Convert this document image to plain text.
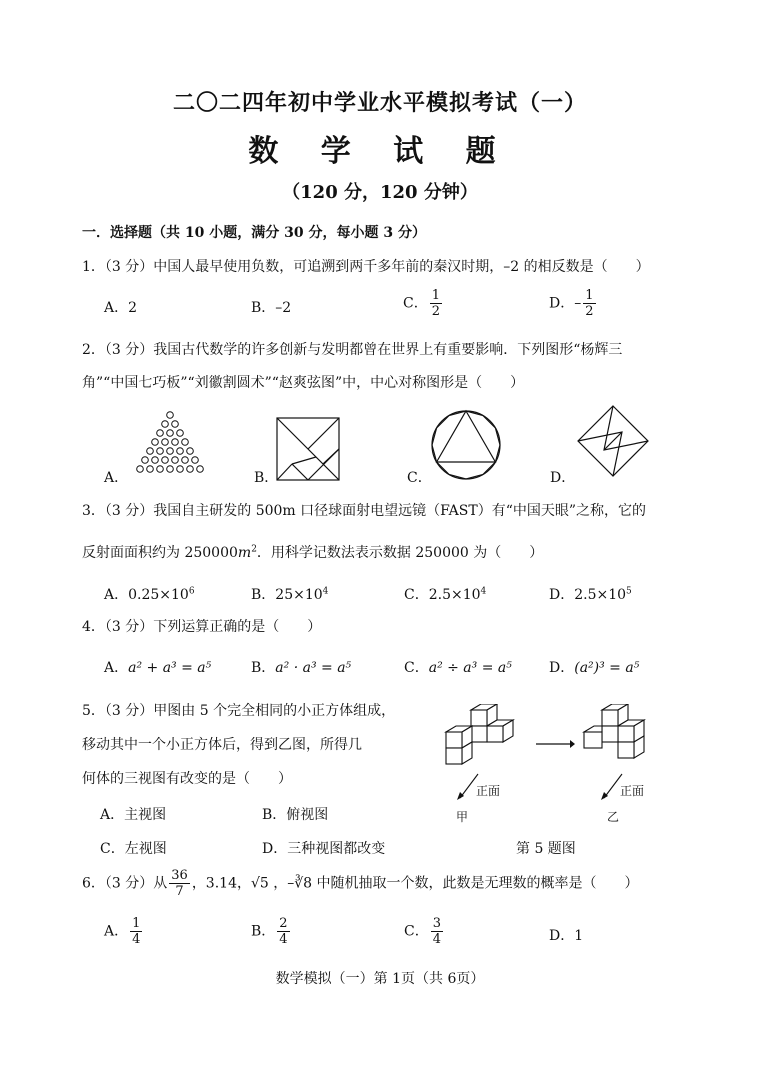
二〇二四年初中学业水平模拟考试（一）
数 学 试 题
（120 分，120 分钟）
一．选择题（共 10 小题，满分 30 分，每小题 3 分）
1．（3 分）中国人最早使用负数，可追溯到两千多年前的秦汉时期，–2 的相反数是（　　）
A．2	B．–2	C． $\frac{1}{2}$	D．– $\frac{1}{2}$
2．（3 分）我国古代数学的许多创新与发明都曾在世界上有重要影响．下列图形“杨辉三
角”“中国七巧板”“刘徽割圆术”“赵爽弦图”中，中心对称图形是（　　）
A．	B．	C．	D．
3．（3 分）我国自主研发的 500m 口径球面射电望远镜（FAST）有“中国天眼”之称，它的
反射面面积约为 $250000m^2$．用科学记数法表示数据 250000 为（　　）
A．$0.25\times 10^6$	B．$25\times 10^4$	C．$2.5\times 10^4$	D．$2.5\times 10^5$
4．（3 分）下列运算正确的是（　　）
A．a² + a³ = a⁵	B．a² · a³ = a⁵	C．a² ÷ a³ = a⁵	D．(a²)³ = a⁵
5．（3 分）甲图由 5 个完全相同的小正方体组成，
移动其中一个小正方体后，得到乙图，所得几
何体的三视图有改变的是（　　）
A．主视图	B．俯视图
C．左视图	D．三种视图都改变
正面	正面
甲	乙
第 5 题图
6．（3 分）从 $\frac{36}{7}$ ，3.14，√5 ，–∛8 中随机抽取一个数，此数是无理数的概率是（　　）
A． $\frac{1}{4}$	B． $\frac{2}{4}$	C． $\frac{3}{4}$	D．1
数学模拟（一）第 1页（共 6页）
